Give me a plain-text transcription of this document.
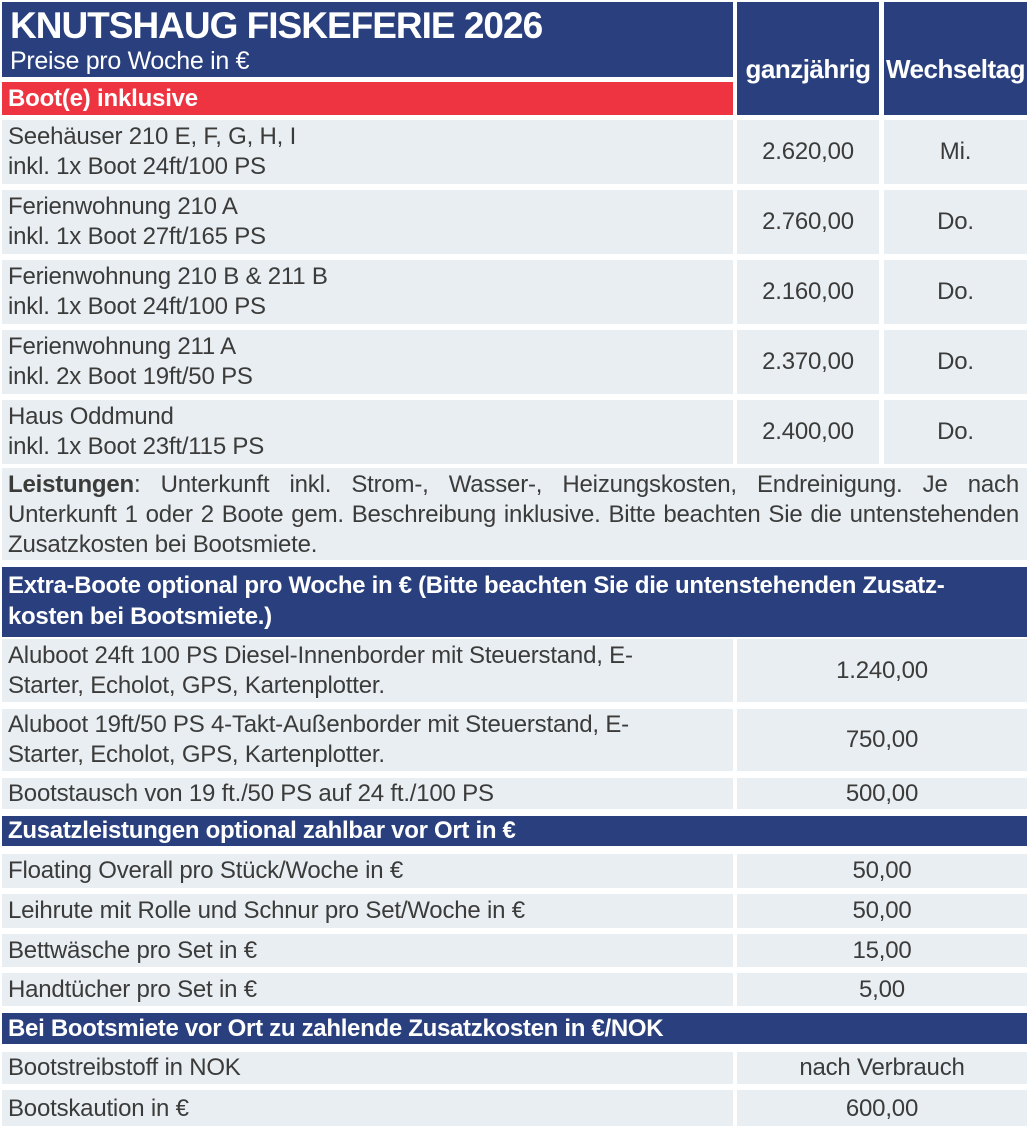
KNUTSHAUG FISKEFERIE 2026
Preise pro Woche in €
Boot(e) inklusive
ganzjährig Wechseltag
Seehäuser 210 E, F, G, H, I
inkl. 1x Boot 24ft/100 PS
2.620,00	Mi.
Ferienwohnung 210 A
inkl. 1x Boot 27ft/165 PS
2.760,00	Do.
Ferienwohnung 210 B & 211 B
inkl. 1x Boot 24ft/100 PS
2.160,00	Do.
Ferienwohnung 211 A
inkl. 2x Boot 19ft/50 PS
2.370,00	Do.
Haus Oddmund
inkl. 1x Boot 23ft/115 PS
2.400,00	Do.
Leistungen: Unterkunft inkl. Strom-, Wasser-, Heizungskosten, Endreinigung. Je nach Unterkunft 1 oder 2 Boote gem. Beschreibung inklusive. Bitte beachten Sie die untenstehenden Zusatzkosten bei Bootsmiete.
Extra-Boote optional pro Woche in € (Bitte beachten Sie die untenstehenden Zusatz-
kosten bei Bootsmiete.)
Aluboot 24ft 100 PS Diesel-Innenborder mit Steuerstand, E-
Starter, Echolot, GPS, Kartenplotter.
1.240,00
Aluboot 19ft/50 PS 4-Takt-Außenborder mit Steuerstand, E-
Starter, Echolot, GPS, Kartenplotter.
750,00
Bootstausch von 19 ft./50 PS auf 24 ft./100 PS	500,00
Zusatzleistungen optional zahlbar vor Ort in €
Floating Overall pro Stück/Woche in €	50,00
Leihrute mit Rolle und Schnur pro Set/Woche in €	50,00
Bettwäsche pro Set in €	15,00
Handtücher pro Set in €	5,00
Bei Bootsmiete vor Ort zu zahlende Zusatzkosten in €/NOK
Bootstreibstoff in NOK	nach Verbrauch
Bootskaution in €	600,00
